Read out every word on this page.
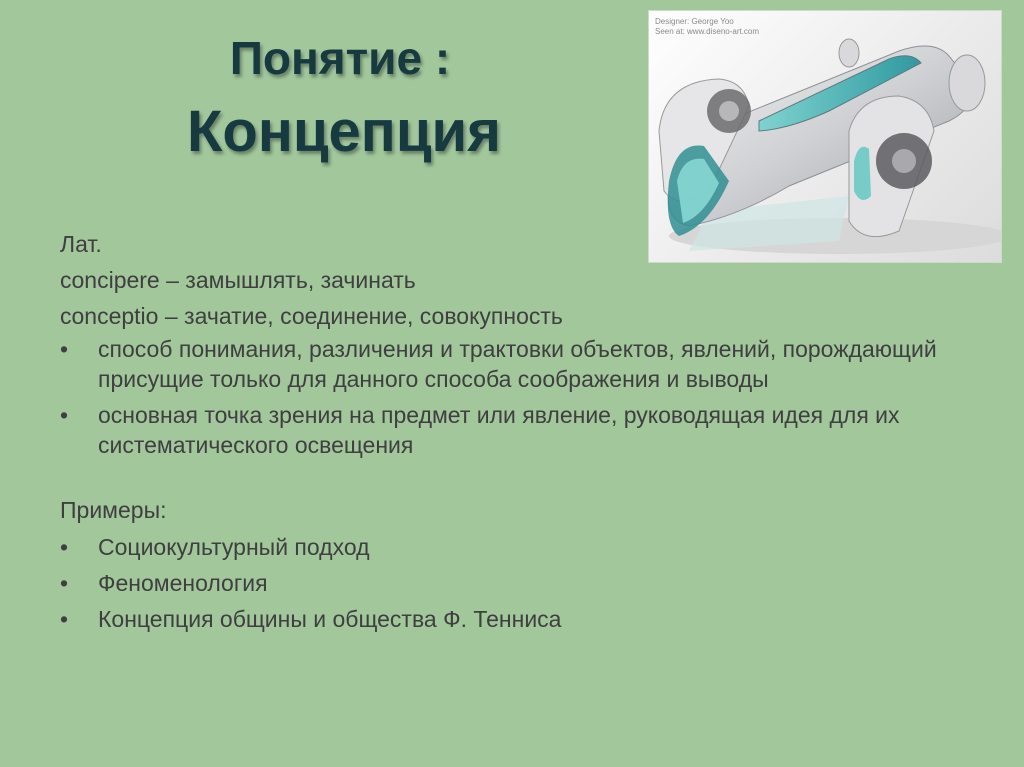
Понятие :
Концепция
Designer: George Yoo
Seen at: www.diseno-art.com
Лат.
concipere – замышлять, зачинать
conceptio – зачатие, соединение, совокупность
•	способ понимания, различения и трактовки объектов, явлений, порождающий присущие только для данного способа соображения и выводы
•	основная точка зрения на предмет или явление, руководящая идея для их систематического освещения
Примеры:
•	Социокультурный подход
•	Феноменология
•	Концепция общины и общества Ф. Тенниса
